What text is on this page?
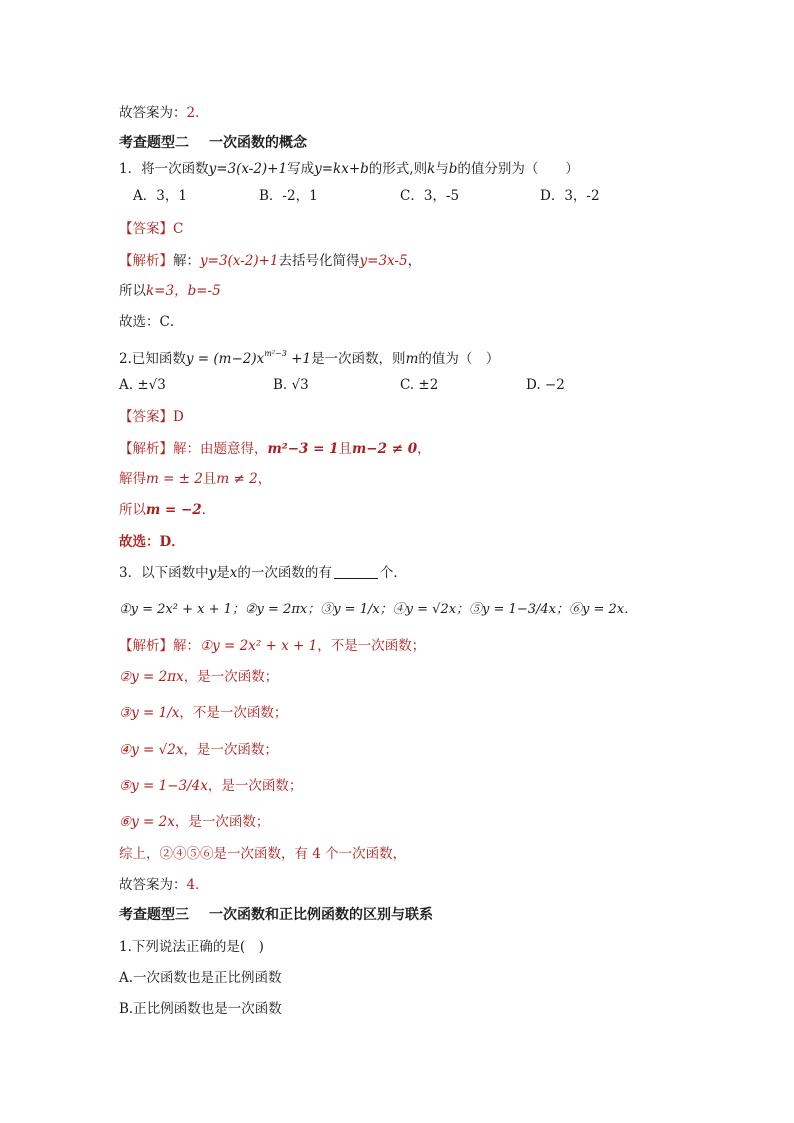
故答案为：2．
考查题型二 一次函数的概念
1．将一次函数y=3(x-2)+1写成y=kx+b的形式,则k与b的值分别为（　　）
A．3，1	B．-2，1	C．3，-5	D．3，-2
【答案】C
【解析】解：y=3(x-2)+1去括号化简得y=3x-5，
所以k=3，b=-5
故选：C．
2.已知函数$y = (m-2)x^{m^2-3} +1$是一次函数，则m的值为（　）
A. ±√3	B. √3	C. ±2	D. −2
【答案】D
【解析】解：由题意得，m²−3 = 1且m−2 ≠ 0，
解得m = ± 2且m ≠ 2，
所以m = −2．
故选：D．
3．以下函数中y是x的一次函数的有	个．
①y = 2x² + x + 1；②y = 2πx；③y = 1/x；④y = √2x；⑤y = 1−3/4x；⑥y = 2x．
【解析】解：①y = 2x² + x + 1，不是一次函数；
②y = 2πx，是一次函数；
③y = 1/x，不是一次函数；
④y = √2x，是一次函数；
⑤y = 1−3/4x，是一次函数；
⑥y = 2x，是一次函数；
综上，②④⑤⑥是一次函数，有 4 个一次函数，
故答案为：4．
考查题型三 一次函数和正比例函数的区别与联系
1.下列说法正确的是(　)
A.一次函数也是正比例函数
B.正比例函数也是一次函数
